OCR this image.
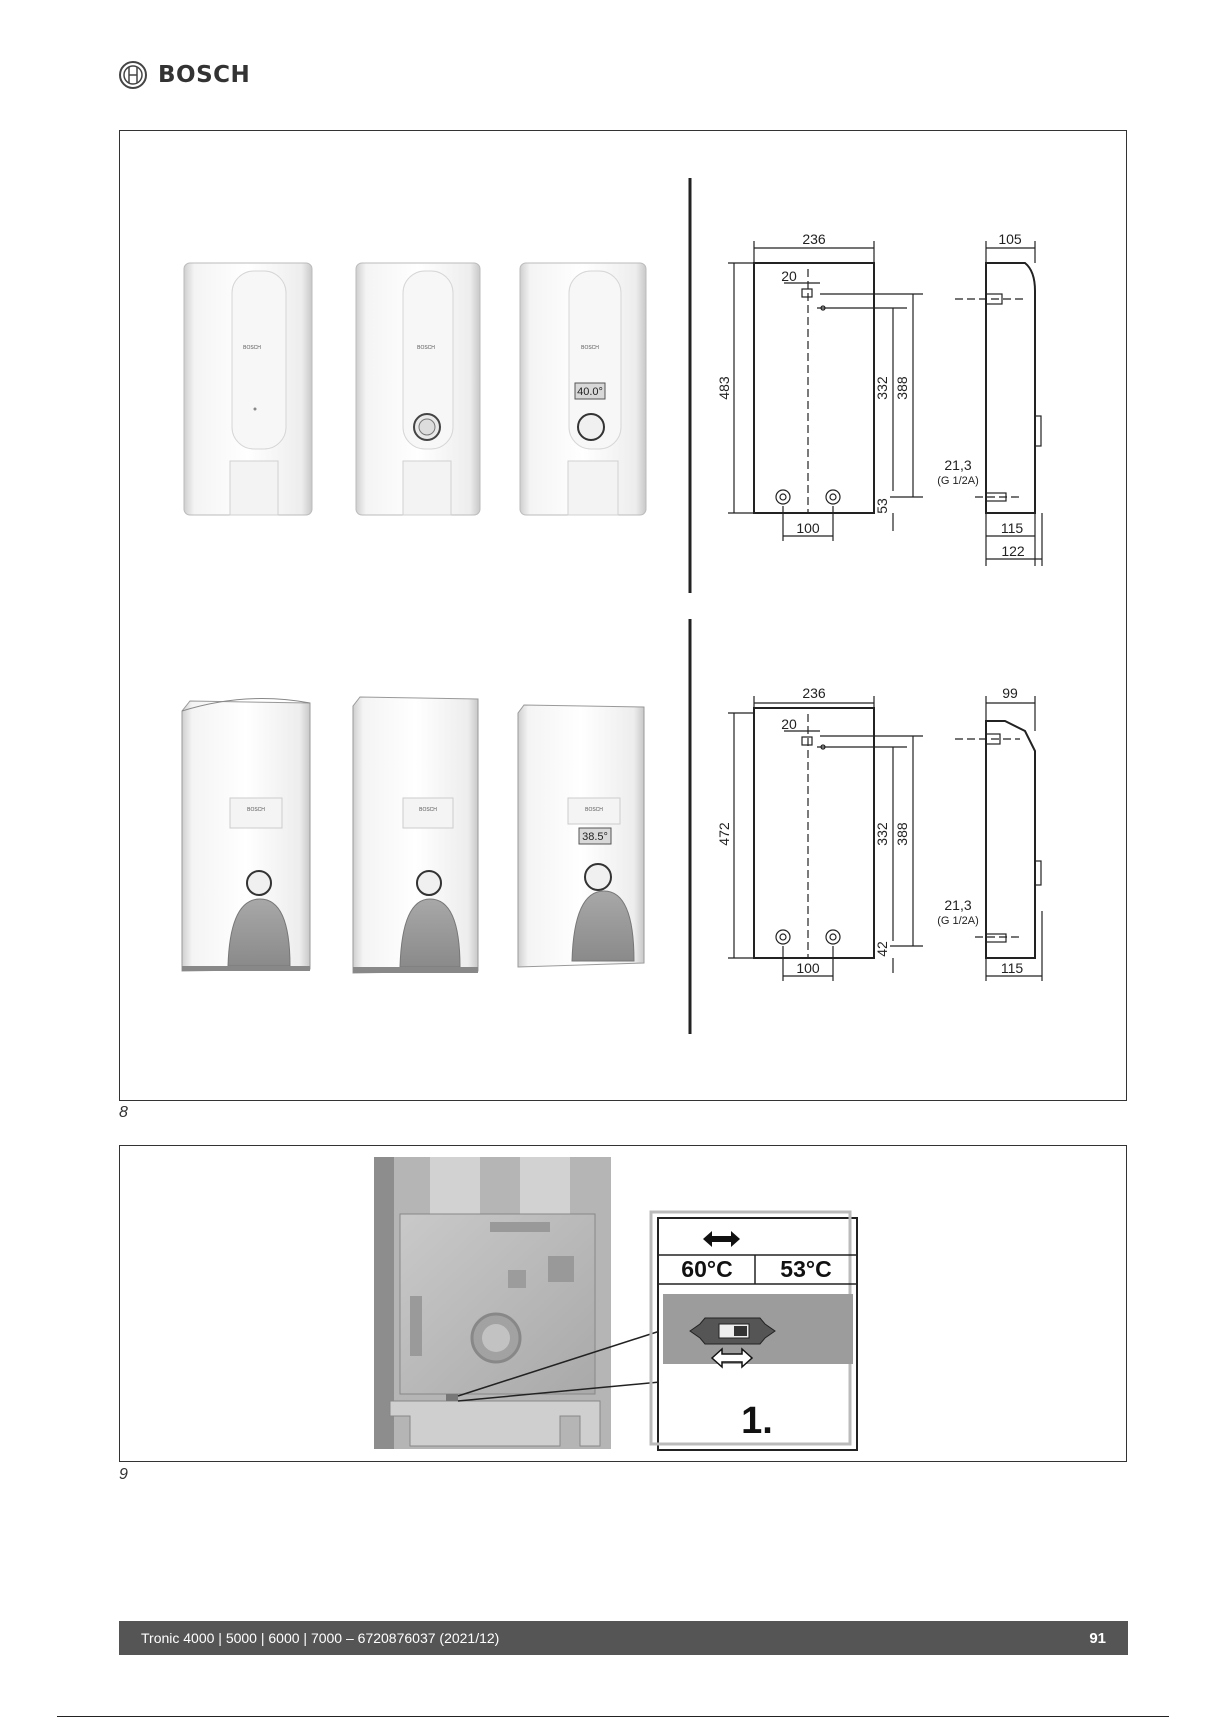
BOSCH
BOSCH	BOSCH	BOSCH
40.0°
BOSCH	BOSCH	BOSCH
38.5°
236
20
483	332 388
53
100
105
21,3
(G 1/2A)
115
122
236
20
472	332 388
42
100
99
21,3
(G 1/2A)
115
8
60°C 53°C
1.
9
Tronic 4000 | 5000 | 6000 | 7000 – 6720876037 (2021/12)	91
